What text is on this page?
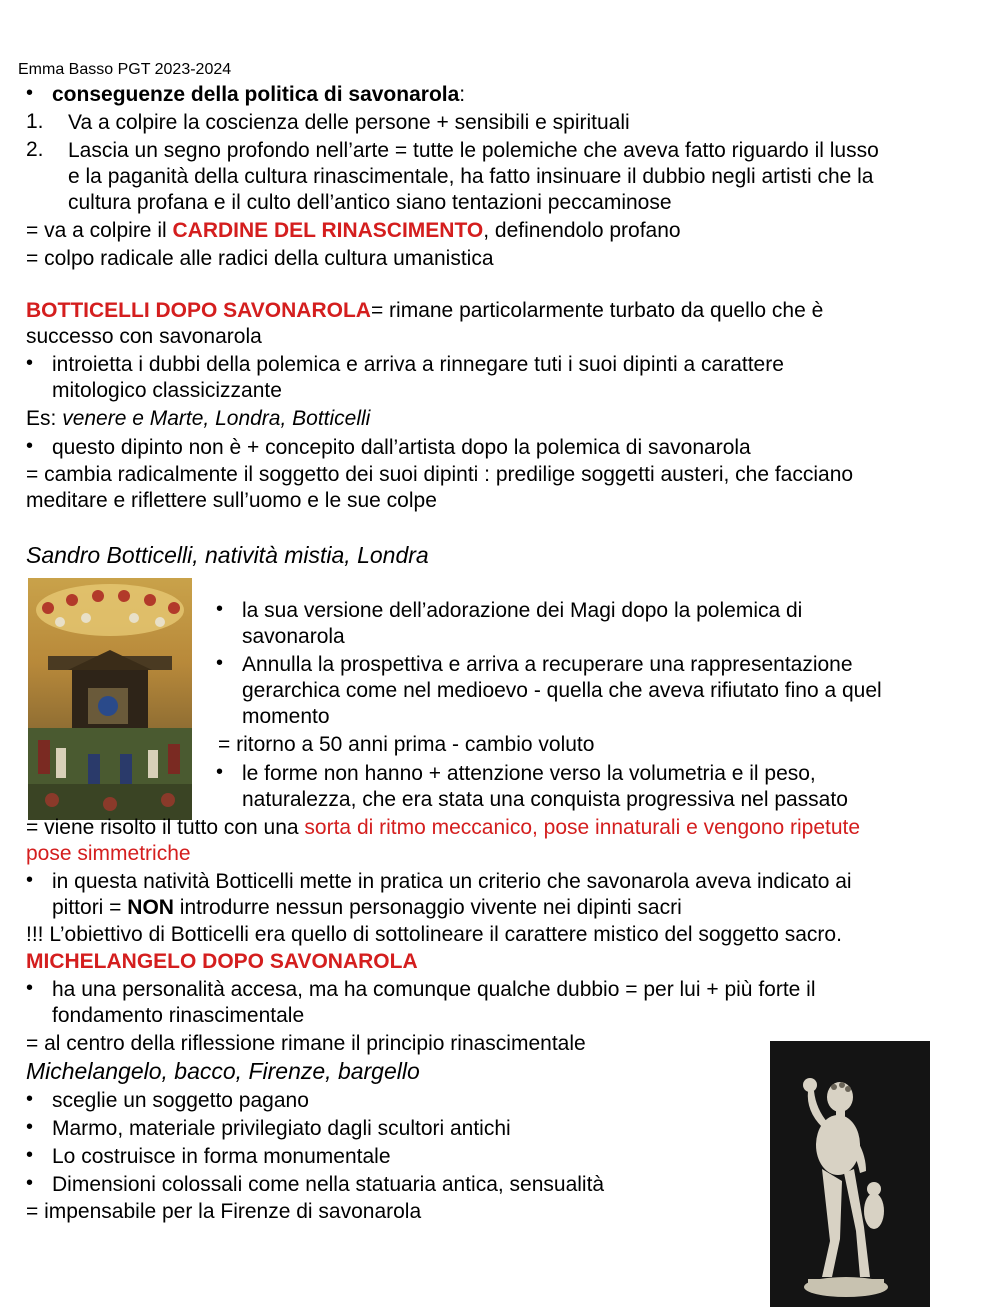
Emma Basso PGT 2023-2024
• conseguenze della politica di savonarola:
1. Va a colpire la coscienza delle persone + sensibili e spirituali
2. Lascia un segno profondo nell’arte = tutte le polemiche che aveva fatto riguardo il lusso
e la paganità della cultura rinascimentale, ha fatto insinuare il dubbio negli artisti che la
cultura profana e il culto dell’antico siano tentazioni peccaminose
= va a colpire il CARDINE DEL RINASCIMENTO, definendolo profano
= colpo radicale alle radici della cultura umanistica
BOTTICELLI DOPO SAVONAROLA= rimane particolarmente turbato da quello che è
successo con savonarola
• introietta i dubbi della polemica e arriva a rinnegare tuti i suoi dipinti a carattere
mitologico classicizzante
Es: venere e Marte, Londra, Botticelli
• questo dipinto non è + concepito dall’artista dopo la polemica di savonarola
= cambia radicalmente il soggetto dei suoi dipinti : predilige soggetti austeri, che facciano
meditare e riflettere sull’uomo e le sue colpe
Sandro Botticelli, natività mistia, Londra
• la sua versione dell’adorazione dei Magi dopo la polemica di
savonarola
• Annulla la prospettiva e arriva a recuperare una rappresentazione
gerarchica come nel medioevo - quella che aveva rifiutato fino a quel
momento
= ritorno a 50 anni prima - cambio voluto
• le forme non hanno + attenzione verso la volumetria e il peso,
naturalezza, che era stata una conquista progressiva nel passato
= viene risolto il tutto con una sorta di ritmo meccanico, pose innaturali e vengono ripetute
pose simmetriche
• in questa natività Botticelli mette in pratica un criterio che savonarola aveva indicato ai
pittori = NON introdurre nessun personaggio vivente nei dipinti sacri
!!! L’obiettivo di Botticelli era quello di sottolineare il carattere mistico del soggetto sacro.
MICHELANGELO DOPO SAVONAROLA
• ha una personalità accesa, ma ha comunque qualche dubbio = per lui + più forte il
fondamento rinascimentale
= al centro della riflessione rimane il principio rinascimentale
Michelangelo, bacco, Firenze, bargello
• sceglie un soggetto pagano
• Marmo, materiale privilegiato dagli scultori antichi
• Lo costruisce in forma monumentale
• Dimensioni colossali come nella statuaria antica, sensualità
= impensabile per la Firenze di savonarola
